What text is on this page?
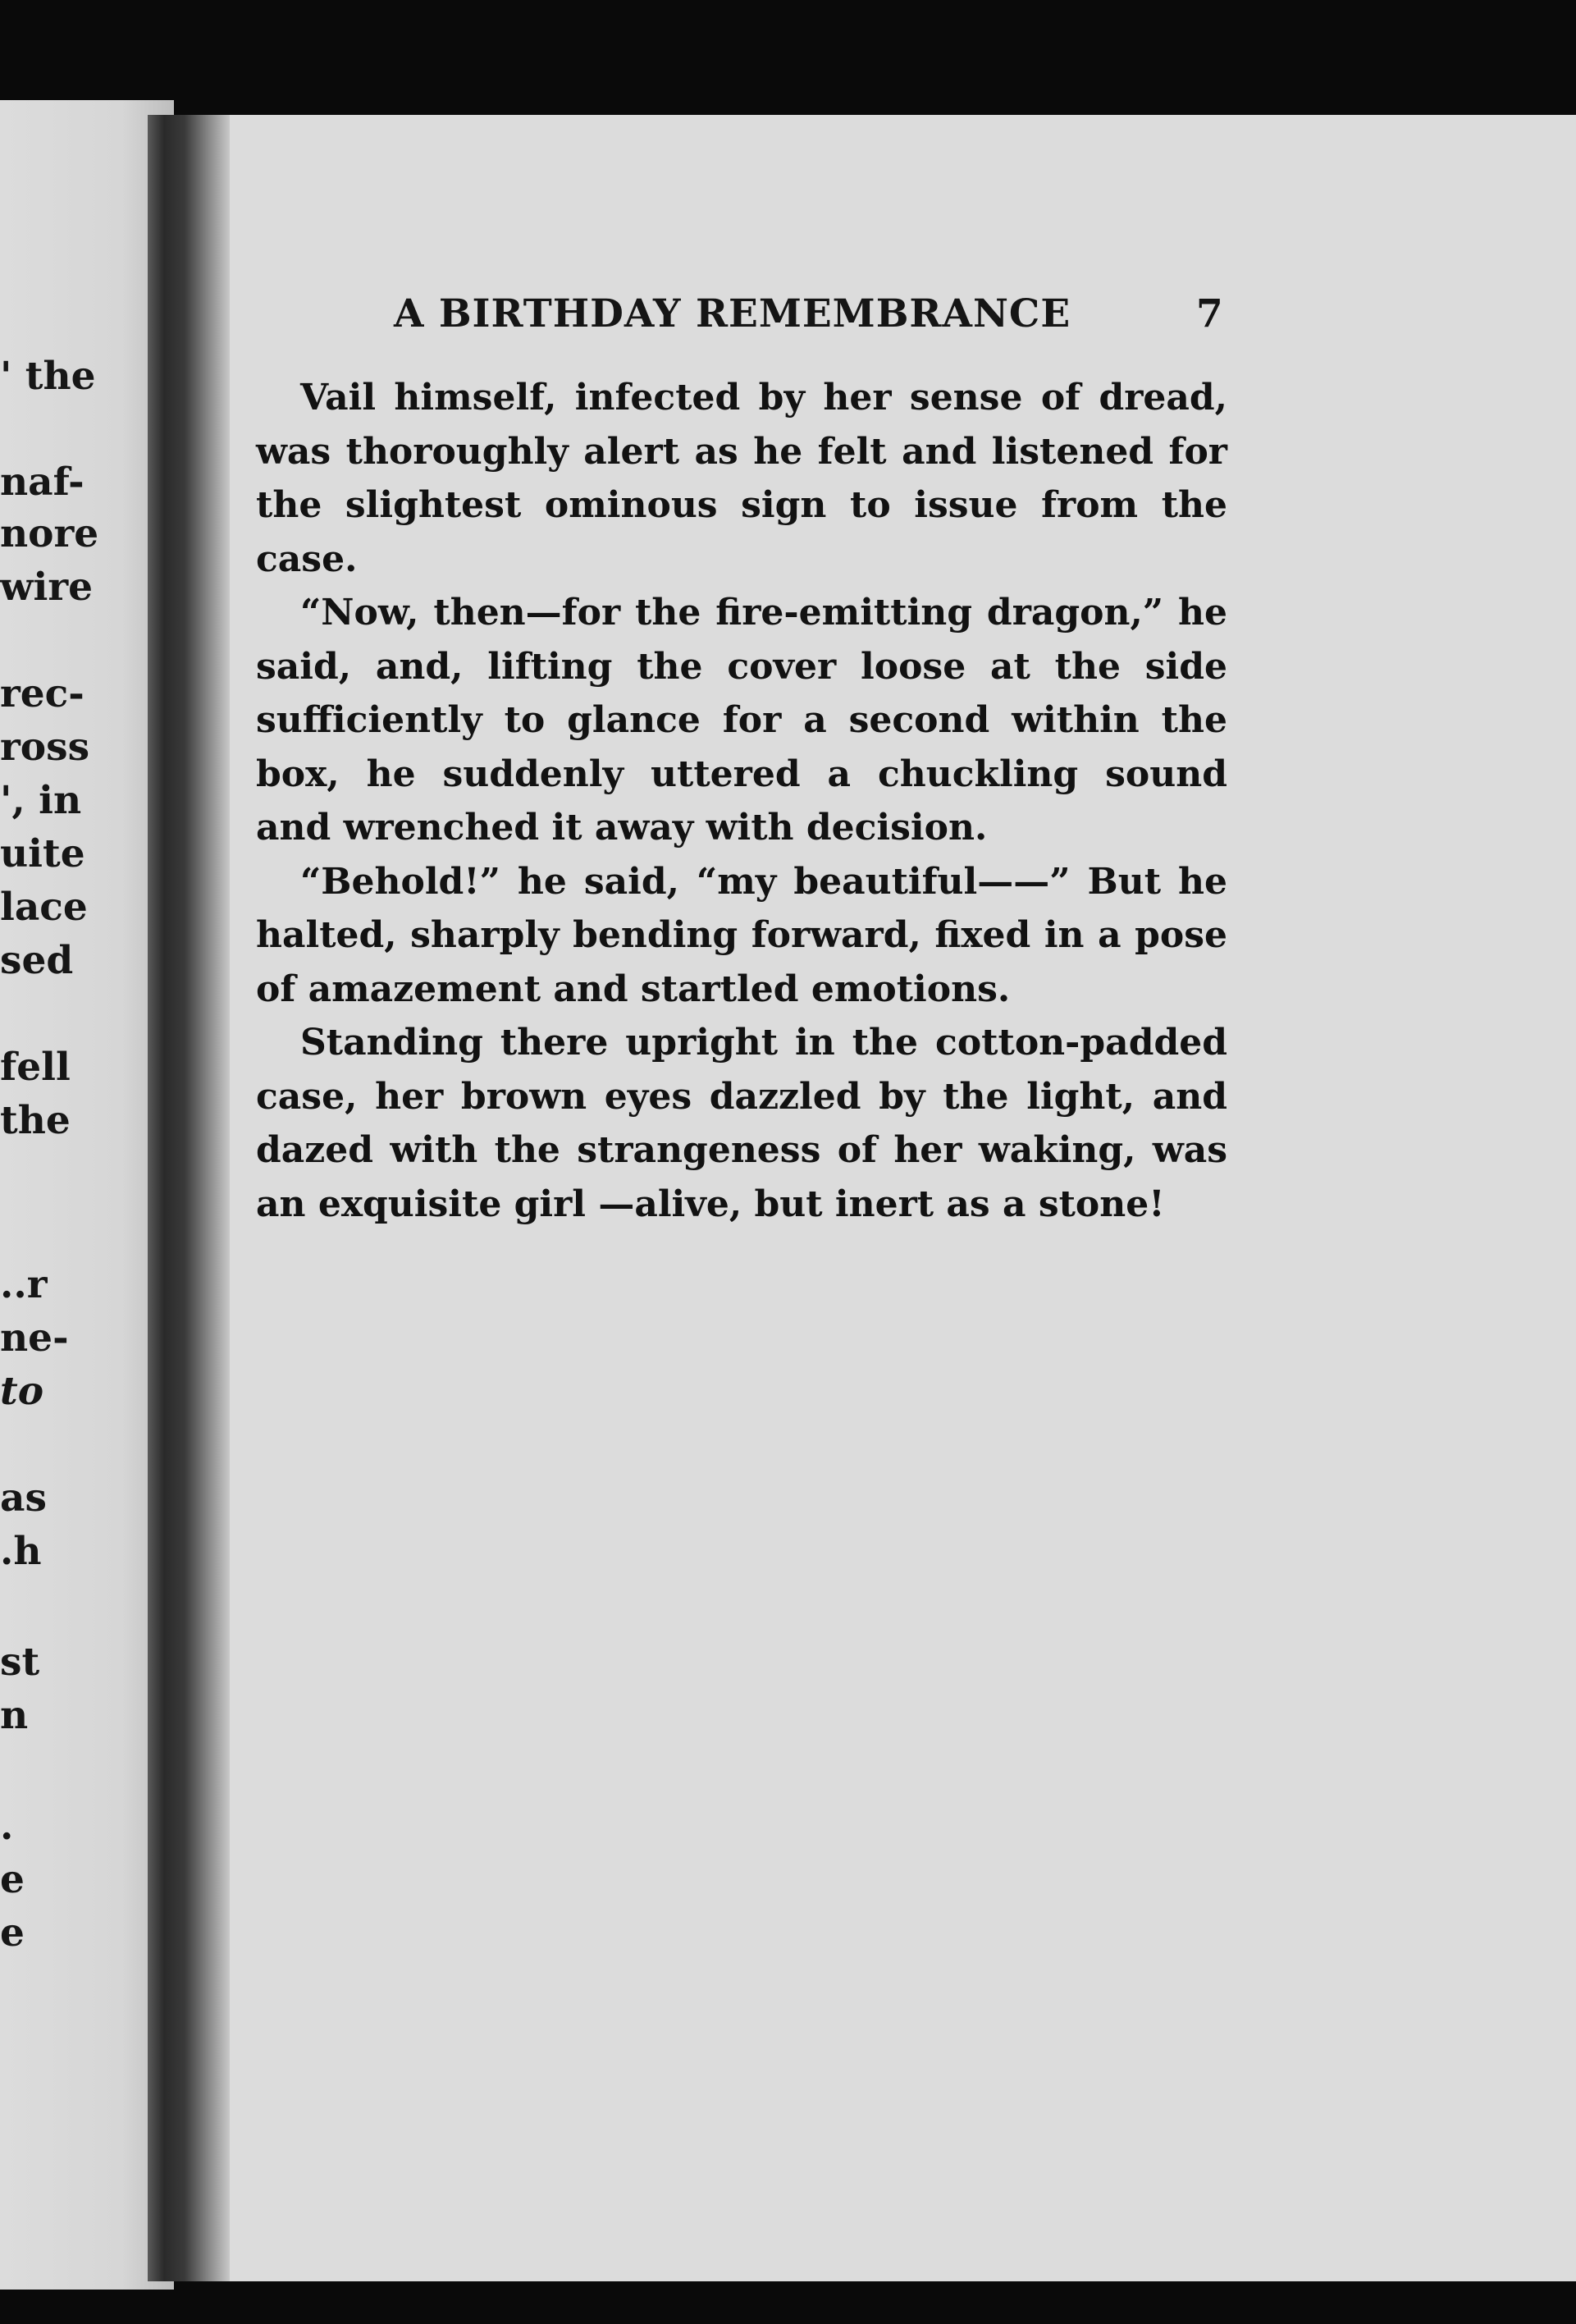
' the
naf-
nore
wire
rec-
ross
', in
uite
lace
sed
fell
the
..r
ne-
to
as
.h
st
n
.
e
e
A BIRTHDAY REMEMBRANCE	7

Vail himself, infected by her sense of dread, was thoroughly alert as he felt and listened for the slightest ominous sign to issue from the case.

“Now, then—for the fire-emitting dragon,” he said, and, lifting the cover loose at the side sufficiently to glance for a second within the box, he suddenly uttered a chuckling sound and wrenched it away with decision.

“Behold!” he said, “my beautiful——” But he halted, sharply bending forward, fixed in a pose of amazement and startled emotions.

Standing there upright in the cotton-padded case, her brown eyes dazzled by the light, and dazed with the strangeness of her waking, was an exquisite girl —alive, but inert as a stone!
